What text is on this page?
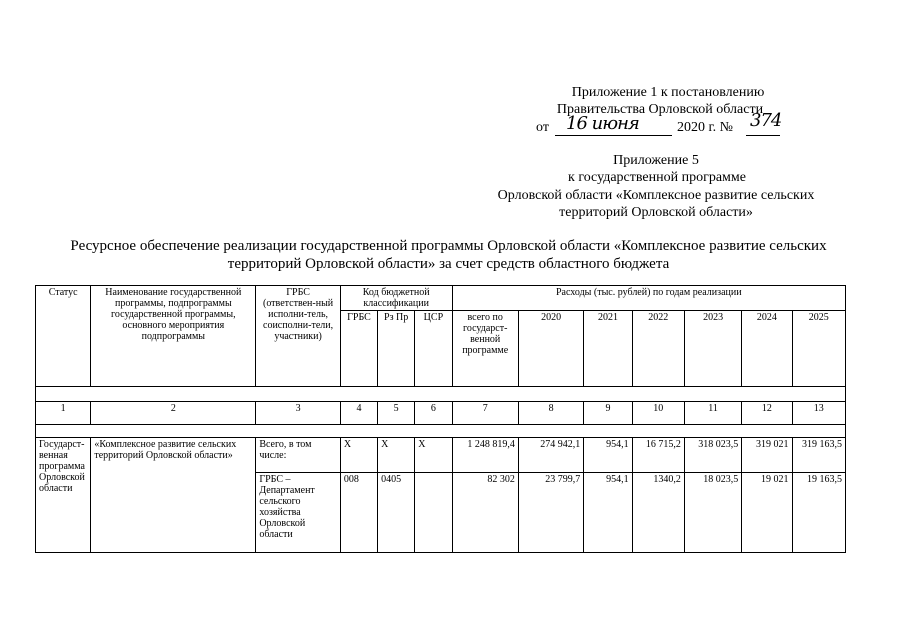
Приложение 1 к постановлению
Правительства Орловской области
от 16 июня	2020 г. № 374
Приложение 5
к государственной программе
Орловской области «Комплексное развитие сельских
территорий Орловской области»
Ресурсное обеспечение реализации государственной программы Орловской области «Комплексное развитие сельских
территорий Орловской области» за счет средств областного бюджета
Статус	Наименование государственной программы, подпрограммы государственной программы, основного мероприятия подпрограммы	ГРБС (ответствен-ный исполни-тель, соисполни-тели, участники)	Код бюджетной классификации			Расходы (тыс. рублей) по годам реализации						
			ГРБС	Рз Пр	ЦСР	всего по государст-венной программе	2020	2021	2022	2023	2024	2025

1	2	3	4	5	6	7	8	9	10	11	12	13

Государст-венная программа Орловской области	«Комплексное развитие сельских территорий Орловской области»	Всего, в том числе:	Х	Х	Х	1 248 819,4	274 942,1	954,1	16 715,2	318 023,5	319 021	319 163,5
		ГРБС – Департамент сельского хозяйства Орловской области	008	0405		82 302	23 799,7	954,1	1340,2	18 023,5	19 021	19 163,5
